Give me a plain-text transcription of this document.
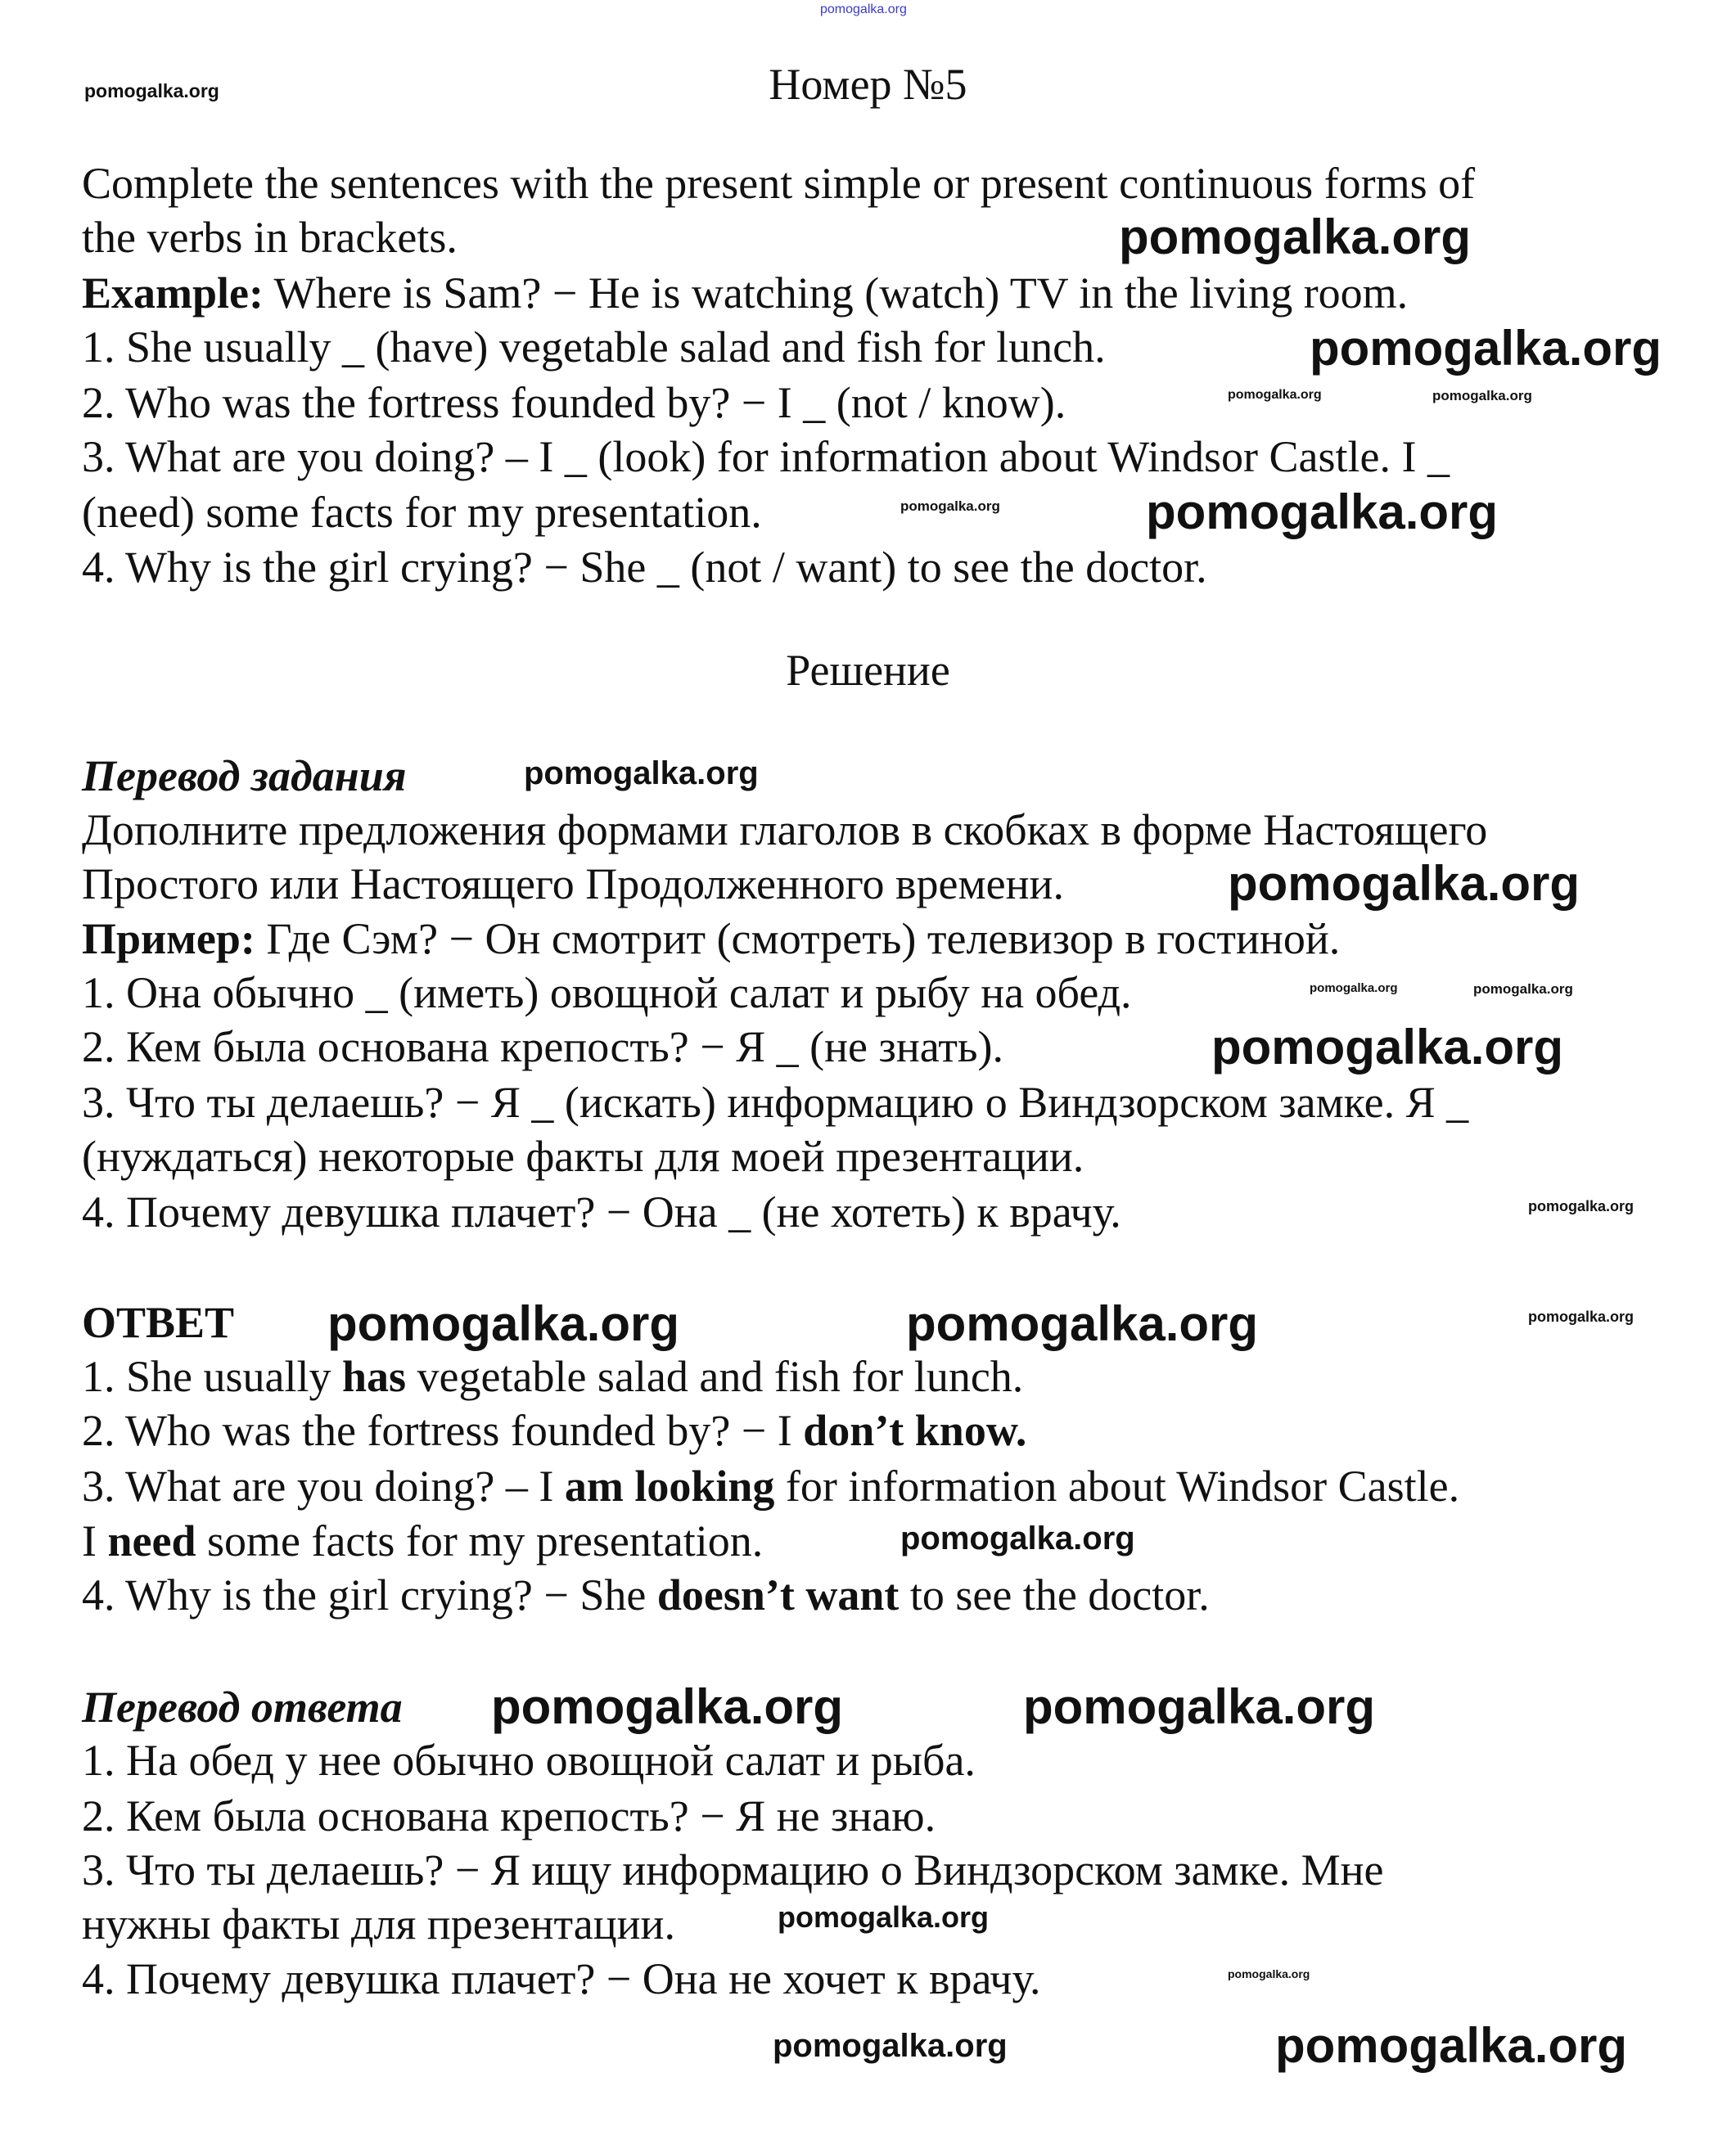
Номер №5
Решение
Перевод задания
ОТВЕТ
Перевод ответа
Complete the sentences with the present simple or present continuous forms of
the verbs in brackets.
Example: Where is Sam? − He is watching (watch) TV in the living room.
1. She usually _ (have) vegetable salad and fish for lunch.
2. Who was the fortress founded by? − I _ (not / know).
3. What are you doing? – I _ (look) for information about Windsor Castle. I _
(need) some facts for my presentation.
4. Why is the girl crying? − She _ (not / want) to see the doctor.
Дополните предложения формами глаголов в скобках в форме Настоящего
Простого или Настоящего Продолженного времени.
Пример: Где Сэм? − Он смотрит (смотреть) телевизор в гостиной.
1. Она обычно _ (иметь) овощной салат и рыбу на обед.
2. Кем была основана крепость? − Я _ (не знать).
3. Что ты делаешь? − Я _ (искать) информацию о Виндзорском замке. Я _
(нуждаться) некоторые факты для моей презентации.
4. Почему девушка плачет? − Она _ (не хотеть) к врачу.
1. She usually has vegetable salad and fish for lunch.
2. Who was the fortress founded by? − I don’t know.
3. What are you doing? – I am looking for information about Windsor Castle.
I need some facts for my presentation.
4. Why is the girl crying? − She doesn’t want to see the doctor.
1. На обед у нее обычно овощной салат и рыба.
2. Кем была основана крепость? − Я не знаю.
3. Что ты делаешь? − Я ищу информацию о Виндзорском замке. Мне
нужны факты для презентации.
4. Почему девушка плачет? − Она не хочет к врачу.
pomogalka.org
pomogalka.org
pomogalka.org
pomogalka.org
pomogalka.org	pomogalka.org
pomogalka.org	pomogalka.org
pomogalka.org
pomogalka.org
pomogalka.org
pomogalka.org	pomogalka.org
pomogalka.org
pomogalka.org	pomogalka.org
pomogalka.org
pomogalka.org
pomogalka.org	pomogalka.org
pomogalka.org
pomogalka.org
pomogalka.org	pomogalka.org
